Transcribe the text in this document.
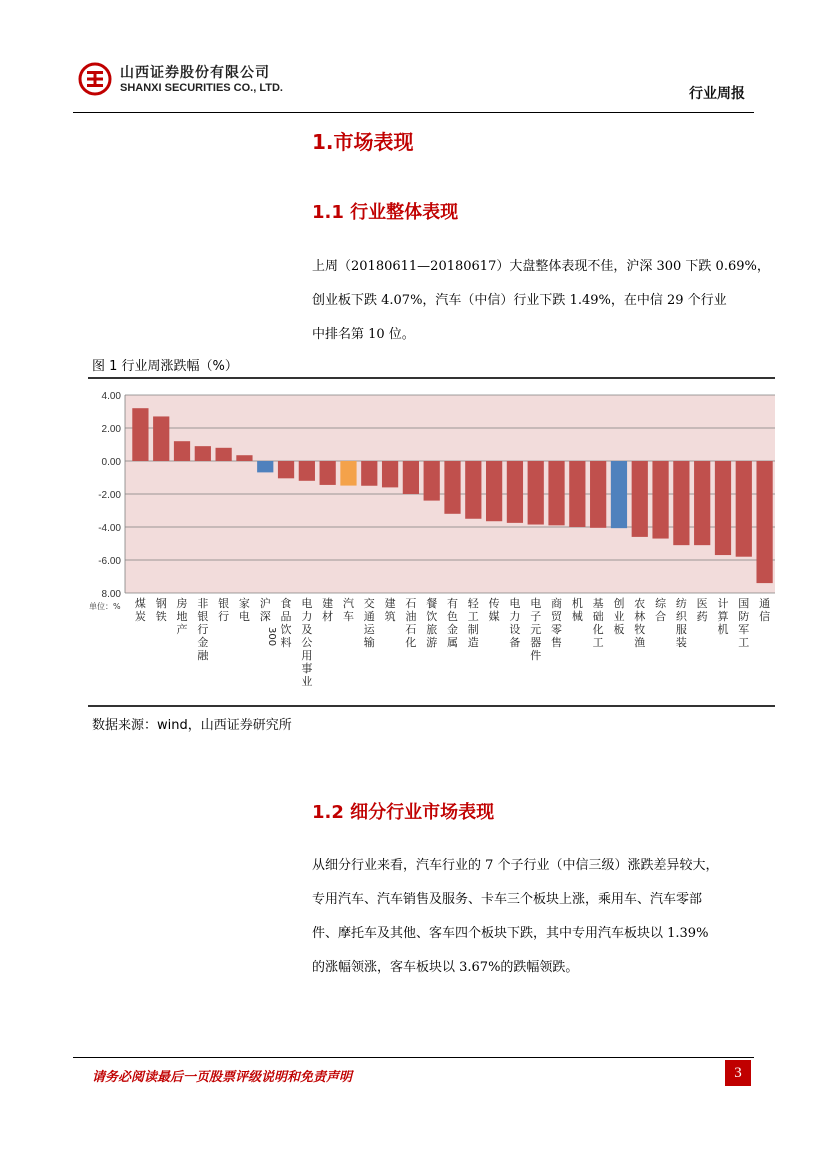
山西证券股份有限公司
SHANXI SECURITIES CO., LTD.	行业周报
1.市场表现
1.1 行业整体表现
上周（20180611—20180617）大盘整体表现不佳，沪深 300 下跌 0.69%，
创业板下跌 4.07%，汽车（中信）行业下跌 1.49%，在中信 29 个行业
中排名第 10 位。
图 1 行业周涨跌幅（%）
4.00
2.00
0.00
-2.00
-4.00
-6.00
8.00
煤炭
钢铁
房地产
非银行金融
银行
家电
沪
深
300
食品饮料
电力及公用事业
建材
汽车
交通运输
建筑
石油石化
餐饮旅游
有色金属
轻工制造
传媒
电力设备
电子元器件
商贸零售
机械
基础化工
创业板
农林牧渔
综合
纺织服装
医药
计算机
国防军工
通信
单位：%
数据来源：wind，山西证券研究所
1.2 细分行业市场表现
从细分行业来看，汽车行业的 7 个子行业（中信三级）涨跌差异较大，
专用汽车、汽车销售及服务、卡车三个板块上涨，乘用车、汽车零部
件、摩托车及其他、客车四个板块下跌，其中专用汽车板块以 1.39%
的涨幅领涨，客车板块以 3.67%的跌幅领跌。
请务必阅读最后一页股票评级说明和免责声明	3
